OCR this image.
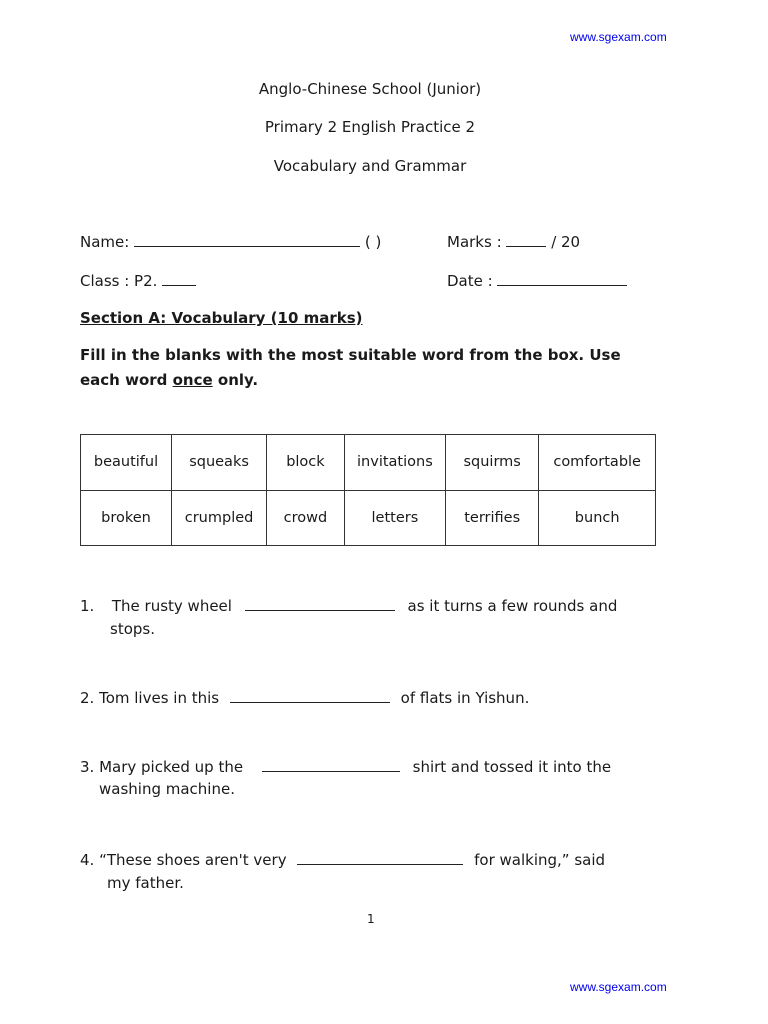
www.sgexam.com
www.sgexam.com
Anglo-Chinese School (Junior)
Primary 2 English Practice 2
Vocabulary and Grammar
Name:	( )	Marks :	/ 20
Class : P2.	Date :
Section A: Vocabulary (10 marks)
Fill in the blanks with the most suitable word from the box. Use
each word once only.
beautiful	squeaks	block	invitations	squirms	comfortable
broken	crumpled	crowd	letters	terrifies	bunch
1. The rusty wheel	as it turns a few rounds and
stops.
2. Tom lives in this	of flats in Yishun.
3. Mary picked up the	shirt and tossed it into the
washing machine.
4. “These shoes aren't very	for walking,” said
my father.
1
